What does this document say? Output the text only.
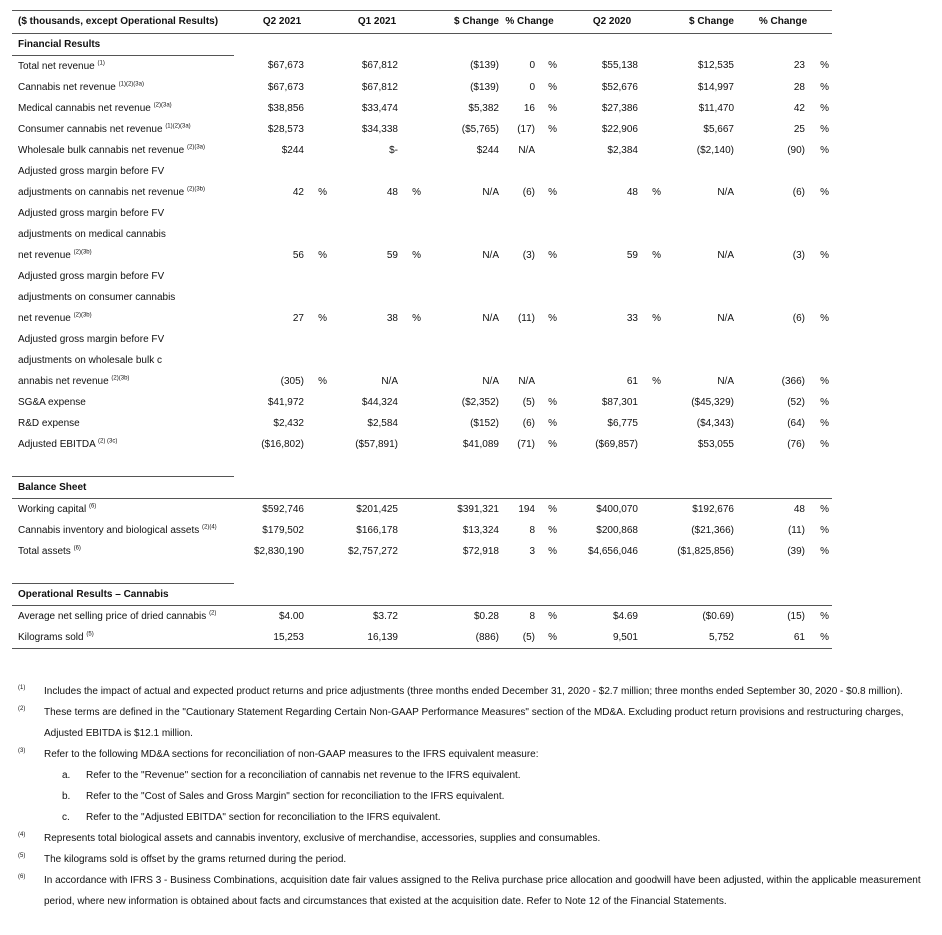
($ thousands, except Operational Results)	Q2 2021		Q1 2021		$ Change	% Change		Q2 2020		$ Change	% Change	
Financial Results												
Total net revenue $^{(1)}$	$67,673		$67,812		($139)	0	%	$55,138		$12,535	23	%
Cannabis net revenue $^{(1)(2)(3a)}$	$67,673		$67,812		($139)	0	%	$52,676		$14,997	28	%
Medical cannabis net revenue $^{(2)(3a)}$	$38,856		$33,474		$5,382	16	%	$27,386		$11,470	42	%
Consumer cannabis net revenue $^{(1)(2)(3a)}$	$28,573		$34,338		($5,765)	(17)	%	$22,906		$5,667	25	%
Wholesale bulk cannabis net revenue $^{(2)(3a)}$	$244		$-		$244	N/A		$2,384		($2,140)	(90)	%
Adjusted gross margin before FV												
adjustments on cannabis net revenue $^{(2)(3b)}$	42	%	48	%	N/A	(6)	%	48	%	N/A	(6)	%
Adjusted gross margin before FV												
adjustments on medical cannabis												
net revenue $^{(2)(3b)}$	56	%	59	%	N/A	(3)	%	59	%	N/A	(3)	%
Adjusted gross margin before FV												
adjustments on consumer cannabis												
net revenue $^{(2)(3b)}$	27	%	38	%	N/A	(11)	%	33	%	N/A	(6)	%
Adjusted gross margin before FV												
adjustments on wholesale bulk c												
annabis net revenue $^{(2)(3b)}$	(305)	%	N/A		N/A	N/A		61	%	N/A	(366)	%
SG&A expense	$41,972		$44,324		($2,352)	(5)	%	$87,301		($45,329)	(52)	%
R&D expense	$2,432		$2,584		($152)	(6)	%	$6,775		($4,343)	(64)	%
Adjusted EBITDA $^{(2) (3c)}$	($16,802)		($57,891)		$41,089	(71)	%	($69,857)		$53,055	(76)	%

Balance Sheet												
Working capital $^{(6)}$	$592,746		$201,425		$391,321	194	%	$400,070		$192,676	48	%
Cannabis inventory and biological assets $^{(2)(4)}$	$179,502		$166,178		$13,324	8	%	$200,868		($21,366)	(11)	%
Total assets $^{(6)}$	$2,830,190		$2,757,272		$72,918	3	%	$4,656,046		($1,825,856)	(39)	%

Operational Results – Cannabis												
Average net selling price of dried cannabis $^{(2)}$	$4.00		$3.72		$0.28	8	%	$4.69		($0.69)	(15)	%
Kilograms sold $^{(5)}$	15,253		16,139		(886)	(5)	%	9,501		5,752	61	%
(1) Includes the impact of actual and expected product returns and price adjustments (three months ended December 31, 2020 - $2.7 million; three months ended September 30, 2020 - $0.8 million).
(2) These terms are defined in the "Cautionary Statement Regarding Certain Non-GAAP Performance Measures" section of the MD&A. Excluding product return provisions and restructuring charges, Adjusted EBITDA is $12.1 million.
(3) Refer to the following MD&A sections for reconciliation of non-GAAP measures to the IFRS equivalent measure:
a. Refer to the "Revenue" section for a reconciliation of cannabis net revenue to the IFRS equivalent.
b. Refer to the "Cost of Sales and Gross Margin" section for reconciliation to the IFRS equivalent.
c. Refer to the "Adjusted EBITDA" section for reconciliation to the IFRS equivalent.
(4) Represents total biological assets and cannabis inventory, exclusive of merchandise, accessories, supplies and consumables.
(5) The kilograms sold is offset by the grams returned during the period.
(6) In accordance with IFRS 3 - Business Combinations, acquisition date fair values assigned to the Reliva purchase price allocation and goodwill have been adjusted, within the applicable measurement period, where new information is obtained about facts and circumstances that existed at the acquisition date. Refer to Note 12 of the Financial Statements.
